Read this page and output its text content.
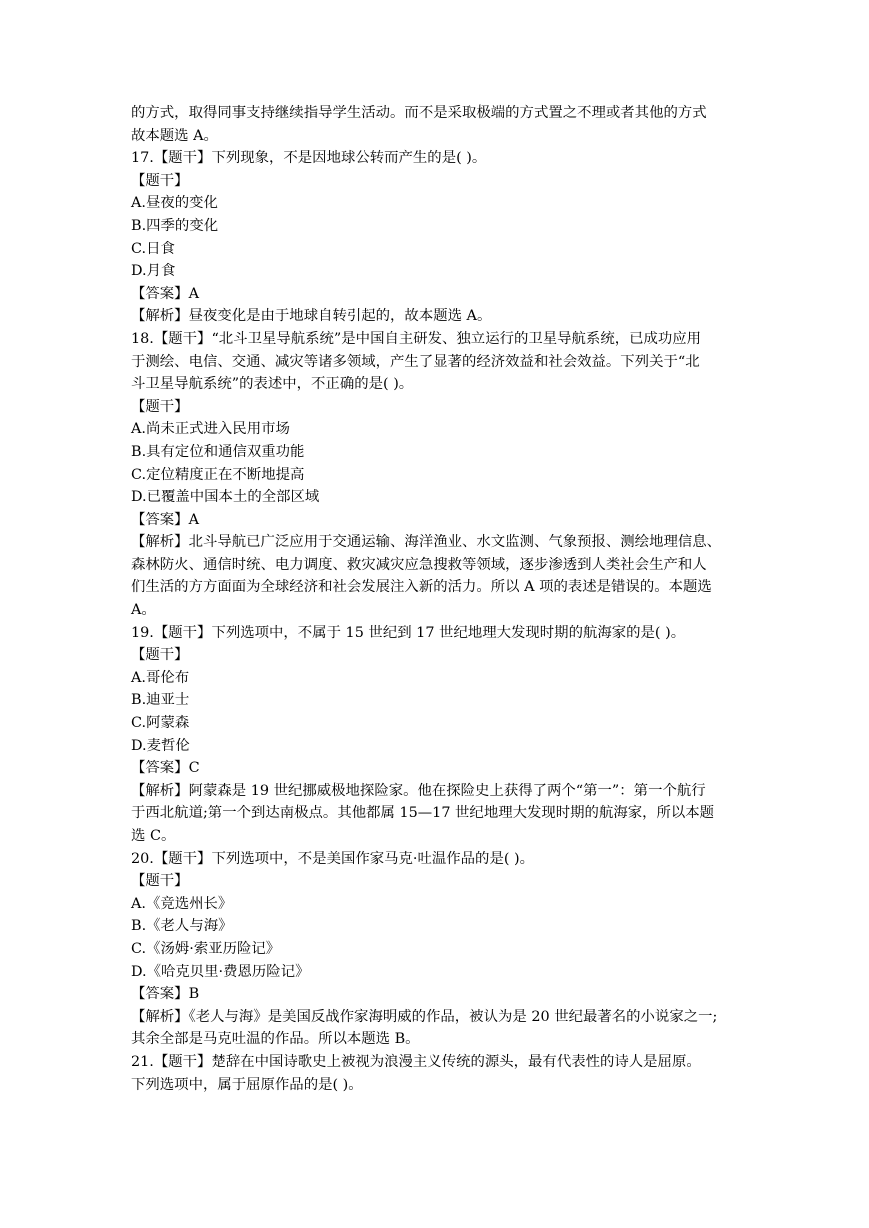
的方式，取得同事支持继续指导学生活动。而不是采取极端的方式置之不理或者其他的方式
故本题选 A。
17.【题干】下列现象，不是因地球公转而产生的是( )。
【题干】
A.昼夜的变化
B.四季的变化
C.日食
D.月食
【答案】A
【解析】昼夜变化是由于地球自转引起的，故本题选 A。
18.【题干】“北斗卫星导航系统”是中国自主研发、独立运行的卫星导航系统，已成功应用
于测绘、电信、交通、减灾等诸多领域，产生了显著的经济效益和社会效益。下列关于“北
斗卫星导航系统”的表述中，不正确的是( )。
【题干】
A.尚未正式进入民用市场
B.具有定位和通信双重功能
C.定位精度正在不断地提高
D.已覆盖中国本土的全部区域
【答案】A
【解析】北斗导航已广泛应用于交通运输、海洋渔业、水文监测、气象预报、测绘地理信息、
森林防火、通信时统、电力调度、救灾减灾应急搜救等领域，逐步渗透到人类社会生产和人
们生活的方方面面为全球经济和社会发展注入新的活力。所以 A 项的表述是错误的。本题选
A。
19.【题干】下列选项中，不属于 15 世纪到 17 世纪地理大发现时期的航海家的是( )。
【题干】
A.哥伦布
B.迪亚士
C.阿蒙森
D.麦哲伦
【答案】C
【解析】阿蒙森是 19 世纪挪威极地探险家。他在探险史上获得了两个“第一”：第一个航行
于西北航道;第一个到达南极点。其他都属 15—17 世纪地理大发现时期的航海家，所以本题
选 C。
20.【题干】下列选项中，不是美国作家马克·吐温作品的是( )。
【题干】
A.《竞选州长》
B.《老人与海》
C.《汤姆·索亚历险记》
D.《哈克贝里·费恩历险记》
【答案】B
【解析】《老人与海》是美国反战作家海明威的作品，被认为是 20 世纪最著名的小说家之一;
其余全部是马克吐温的作品。所以本题选 B。
21.【题干】楚辞在中国诗歌史上被视为浪漫主义传统的源头，最有代表性的诗人是屈原。
下列选项中，属于屈原作品的是( )。
